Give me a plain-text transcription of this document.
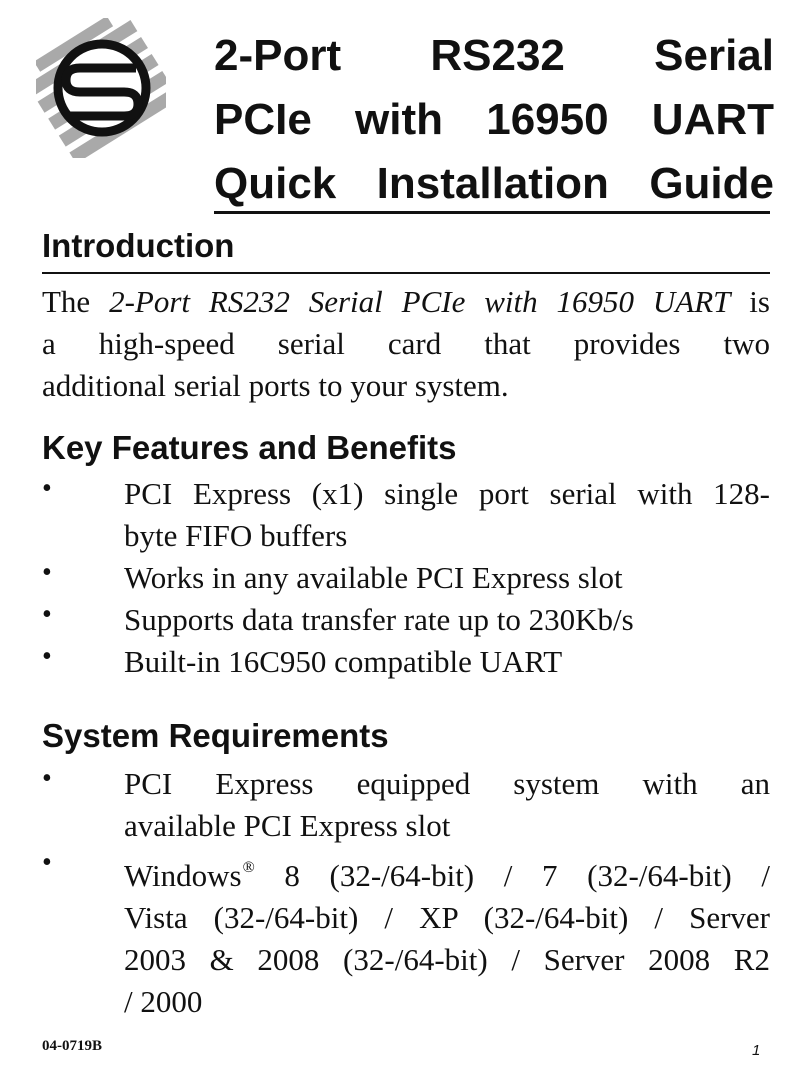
2-Port RS232 Serial
PCIe with 16950 UART
Quick Installation Guide
Introduction
The 2-Port RS232 Serial PCIe with 16950 UART is
a high-speed serial card that provides two
additional serial ports to your system.
Key Features and Benefits
• PCI Express (x1) single port serial with 128-
byte FIFO buffers
• Works in any available PCI Express slot
• Supports data transfer rate up to 230Kb/s
• Built-in 16C950 compatible UART
System Requirements
• PCI Express equipped system with an
available PCI Express slot
• Windows® 8 (32-/64-bit) / 7 (32-/64-bit) /
Vista (32-/64-bit) / XP (32-/64-bit) / Server
2003 & 2008 (32-/64-bit) / Server 2008 R2
/ 2000
04-0719B	1
